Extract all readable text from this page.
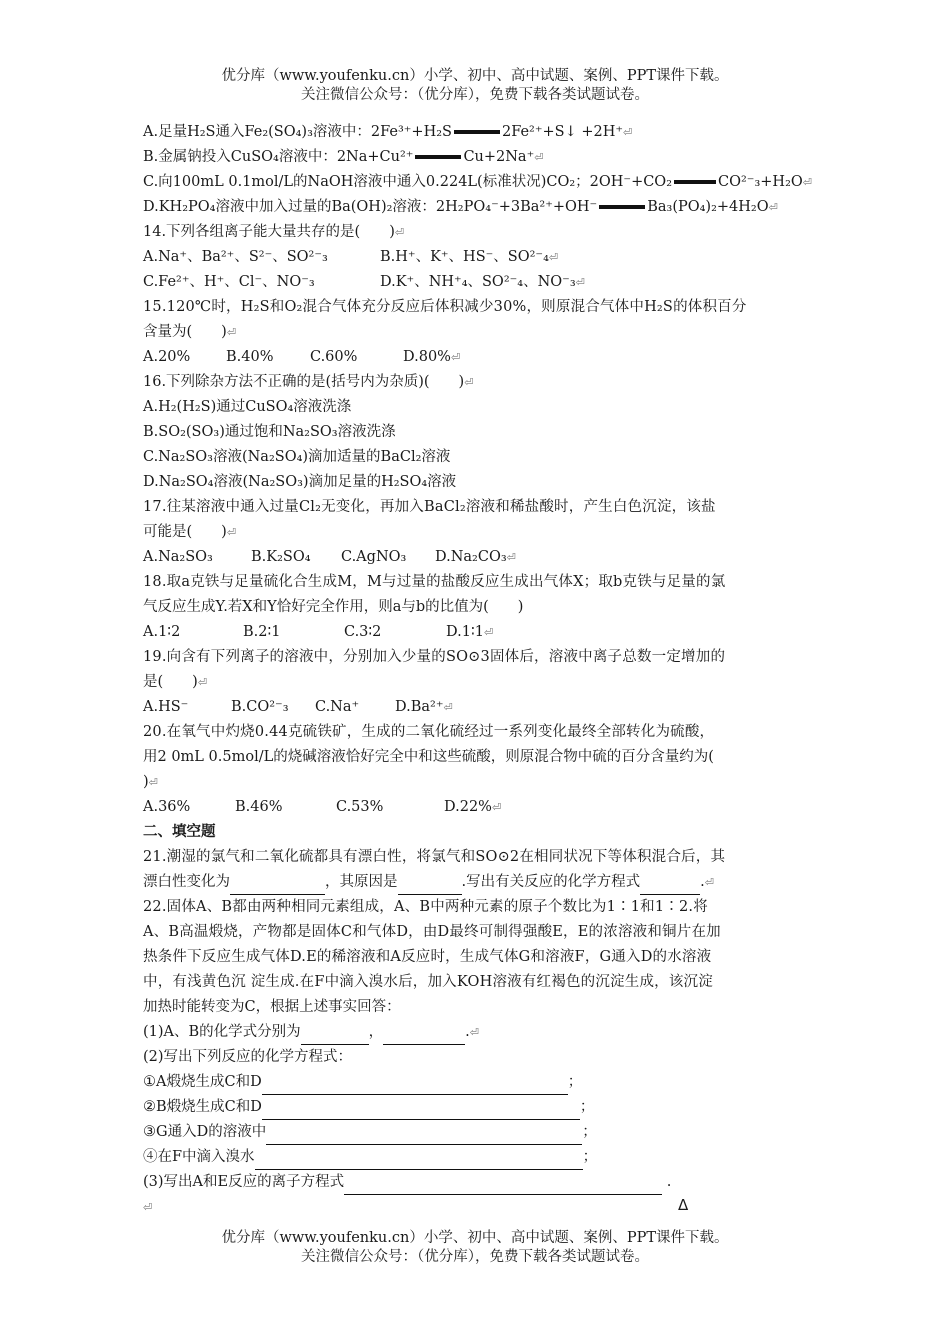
优分库（www.youfenku.cn）小学、初中、高中试题、案例、PPT课件下载。
关注微信公众号：（优分库），免费下载各类试题试卷。
A.足量H₂S通入Fe₂(SO₄)₃溶液中：2Fe³⁺+H₂S	2Fe²⁺+S↓ +2H⁺⏎
B.金属钠投入CuSO₄溶液中：2Na+Cu²⁺	Cu+2Na⁺⏎
C.向100mL 0.1mol/L的NaOH溶液中通入0.224L(标准状况)CO₂；2OH⁻+CO₂	CO²⁻₃+H₂O⏎
D.KH₂PO₄溶液中加入过量的Ba(OH)₂溶液：2H₂PO₄⁻+3Ba²⁺+OH⁻	Ba₃(PO₄)₂+4H₂O⏎
14.下列各组离子能大量共存的是(　　)⏎
A.Na⁺、Ba²⁺、S²⁻、SO²⁻₃	B.H⁺、K⁺、HS⁻、SO²⁻₄⏎
C.Fe²⁺、H⁺、Cl⁻、NO⁻₃	D.K⁺、NH⁺₄、SO²⁻₄、NO⁻₃⏎
15.120℃时，H₂S和O₂混合气体充分反应后体积减少30%，则原混合气体中H₂S的体积百分
含量为(　　)⏎
A.20% B.40%	C.60%	D.80%⏎
16.下列除杂方法不正确的是(括号内为杂质)(　　)⏎
A.H₂(H₂S)通过CuSO₄溶液洗涤
B.SO₂(SO₃)通过饱和Na₂SO₃溶液洗涤
C.Na₂SO₃溶液(Na₂SO₄)滴加适量的BaCl₂溶液
D.Na₂SO₄溶液(Na₂SO₃)滴加足量的H₂SO₄溶液
17.往某溶液中通入过量Cl₂无变化，再加入BaCl₂溶液和稀盐酸时，产生白色沉淀，该盐
可能是(　　)⏎
A.Na₂SO₃	B.K₂SO₄ C.AgNO₃ D.Na₂CO₃⏎
18.取a克铁与足量硫化合生成M，M与过量的盐酸反应生成出气体X；取b克铁与足量的氯
气反应生成Y.若X和Y恰好完全作用，则a与b的比值为(　　)
A.1∶2	B.2∶1	C.3∶2	D.1∶1⏎
19.向含有下列离子的溶液中，分别加入少量的SO⊙3固体后，溶液中离子总数一定增加的
是(　　)⏎
A.HS⁻	B.CO²⁻₃ C.Na⁺ D.Ba²⁺⏎
20.在氧气中灼烧0.44克硫铁矿，生成的二氧化硫经过一系列变化最终全部转化为硫酸，
用2 0mL 0.5mol/L的烧碱溶液恰好完全中和这些硫酸，则原混合物中硫的百分含量约为(
)⏎
A.36%	B.46%	C.53%	D.22%⏎
二、填空题
21.潮湿的氯气和二氧化硫都具有漂白性，将氯气和SO⊙2在相同状况下等体积混合后，其
漂白性变化为	，其原因是	.写出有关反应的化学方程式	.⏎
22.固体A、B都由两种相同元素组成，A、B中两种元素的原子个数比为1∶1和1∶2.将
A、B高温煅烧，产物都是固体C和气体D，由D最终可制得强酸E，E的浓溶液和铜片在加
热条件下反应生成气体D.E的稀溶液和A反应时，生成气体G和溶液F，G通入D的水溶液
中，有浅黄色沉 淀生成.在F中滴入溴水后，加入KOH溶液有红褐色的沉淀生成，该沉淀
加热时能转变为C，根据上述事实回答：
(1)A、B的化学式分别为	，	.⏎
(2)写出下列反应的化学方程式：
①A煅烧生成C和D	；
②B煅烧生成C和D	；
③G通入D的溶液中	；
④在F中滴入溴水	；
(3)写出A和E反应的离子方程式	.
⏎	Δ
优分库（www.youfenku.cn）小学、初中、高中试题、案例、PPT课件下载。
关注微信公众号：（优分库），免费下载各类试题试卷。
